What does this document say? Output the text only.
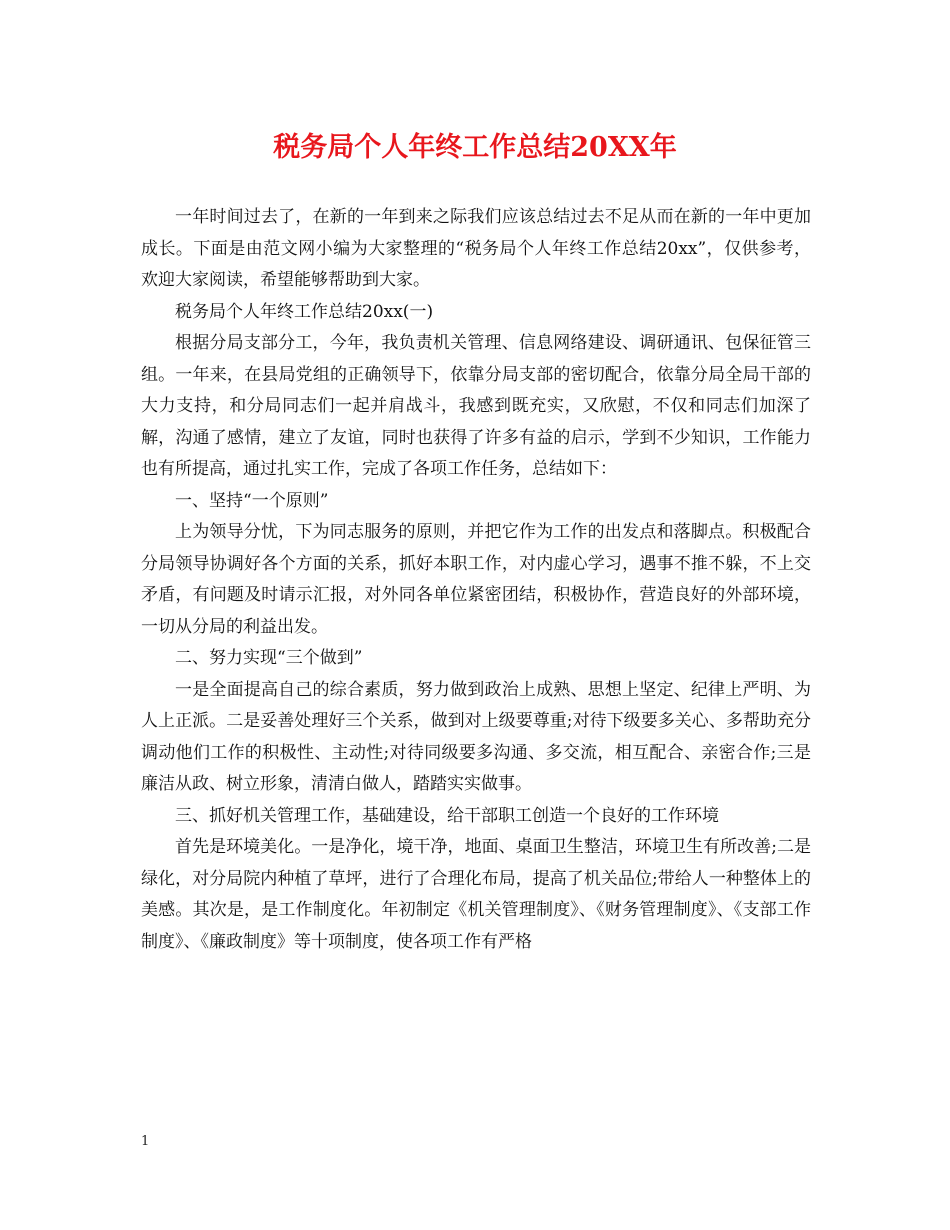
税务局个人年终工作总结20XX年

一年时间过去了，在新的一年到来之际我们应该总结过去不足从而在新的一年中更加成长。下面是由范文网小编为大家整理的“税务局个人年终工作总结20xx”，仅供参考，欢迎大家阅读，希望能够帮助到大家。

税务局个人年终工作总结20xx(一)

根据分局支部分工，今年，我负责机关管理、信息网络建设、调研通讯、包保征管三组。一年来，在县局党组的正确领导下，依靠分局支部的密切配合，依靠分局全局干部的大力支持，和分局同志们一起并肩战斗，我感到既充实，又欣慰，不仅和同志们加深了解，沟通了感情，建立了友谊，同时也获得了许多有益的启示，学到不少知识，工作能力也有所提高，通过扎实工作，完成了各项工作任务，总结如下：

一、坚持“一个原则”

上为领导分忧，下为同志服务的原则，并把它作为工作的出发点和落脚点。积极配合分局领导协调好各个方面的关系，抓好本职工作，对内虚心学习，遇事不推不躲，不上交矛盾，有问题及时请示汇报，对外同各单位紧密团结，积极协作，营造良好的外部环境，一切从分局的利益出发。

二、努力实现“三个做到”

一是全面提高自己的综合素质，努力做到政治上成熟、思想上坚定、纪律上严明、为人上正派。二是妥善处理好三个关系，做到对上级要尊重;对待下级要多关心、多帮助充分调动他们工作的积极性、主动性;对待同级要多沟通、多交流，相互配合、亲密合作;三是廉洁从政、树立形象，清清白做人，踏踏实实做事。

三、抓好机关管理工作，基础建设，给干部职工创造一个良好的工作环境

首先是环境美化。一是净化，境干净，地面、桌面卫生整洁，环境卫生有所改善;二是绿化，对分局院内种植了草坪，进行了合理化布局，提高了机关品位;带给人一种整体上的美感。其次是，是工作制度化。年初制定《机关管理制度》、《财务管理制度》、《支部工作制度》、《廉政制度》等十项制度，使各项工作有严格

1
